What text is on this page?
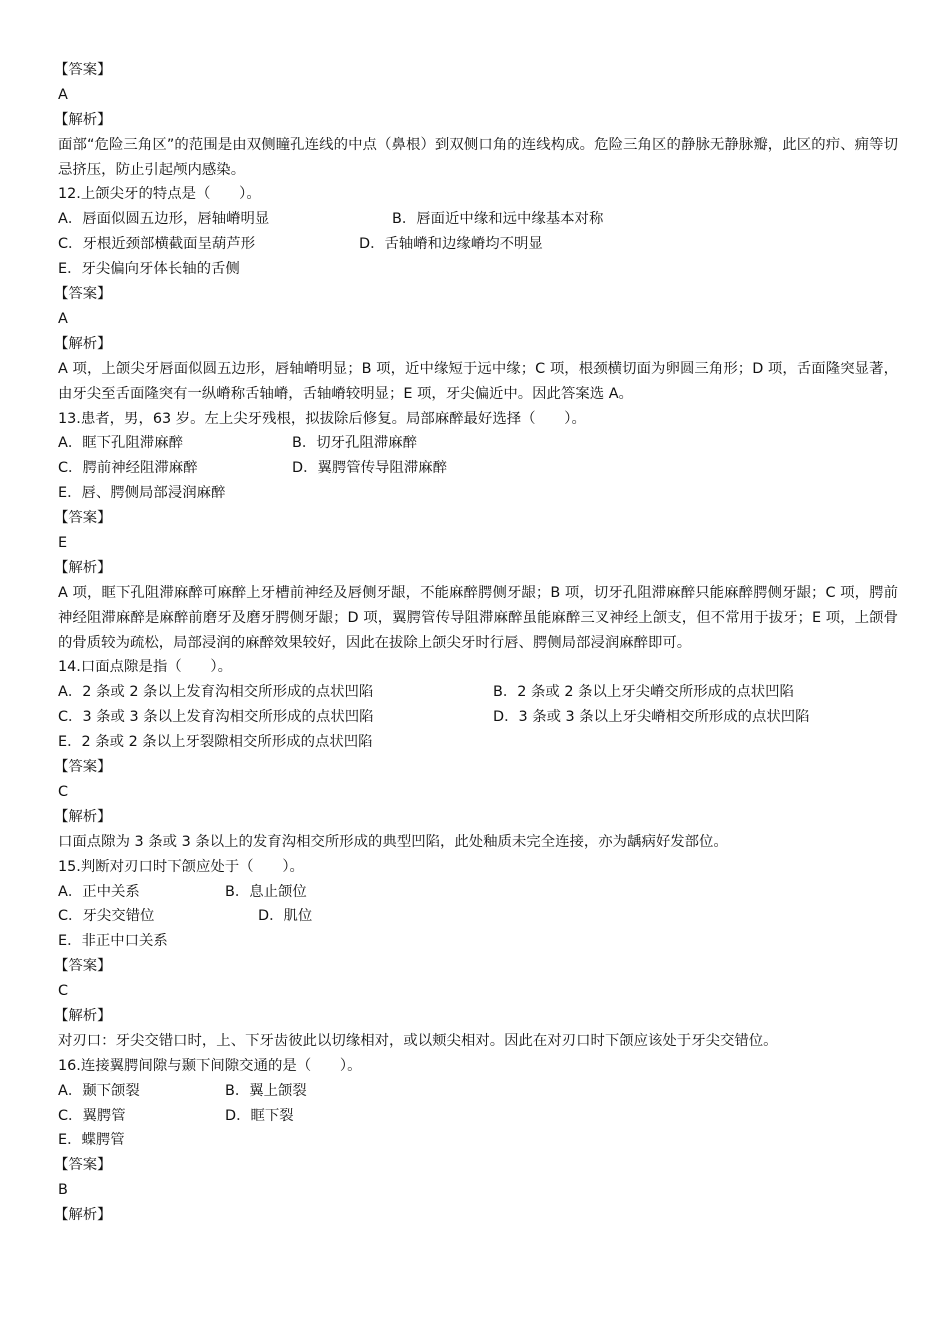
【答案】
A
【解析】
面部“危险三角区”的范围是由双侧瞳孔连线的中点（鼻根）到双侧口角的连线构成。危险三角区的静脉无静脉瓣，此区的疖、痈等切忌挤压，防止引起颅内感染。
12.上颌尖牙的特点是（　　）。
A．唇面似圆五边形，唇轴嵴明显	B．唇面近中缘和远中缘基本对称
C．牙根近颈部横截面呈葫芦形	D．舌轴嵴和边缘嵴均不明显
E．牙尖偏向牙体长轴的舌侧
【答案】
A
【解析】
A 项，上颌尖牙唇面似圆五边形，唇轴嵴明显；B 项，近中缘短于远中缘；C 项，根颈横切面为卵圆三角形；D 项，舌面隆突显著，由牙尖至舌面隆突有一纵嵴称舌轴嵴，舌轴嵴较明显；E 项，牙尖偏近中。因此答案选 A。
13.患者，男，63 岁。左上尖牙残根，拟拔除后修复。局部麻醉最好选择（　　）。
A．眶下孔阻滞麻醉	B．切牙孔阻滞麻醉
C．腭前神经阻滞麻醉	D．翼腭管传导阻滞麻醉
E．唇、腭侧局部浸润麻醉
【答案】
E
【解析】
A 项，眶下孔阻滞麻醉可麻醉上牙槽前神经及唇侧牙龈，不能麻醉腭侧牙龈；B 项，切牙孔阻滞麻醉只能麻醉腭侧牙龈；C 项，腭前神经阻滞麻醉是麻醉前磨牙及磨牙腭侧牙龈；D 项，翼腭管传导阻滞麻醉虽能麻醉三叉神经上颌支，但不常用于拔牙；E 项，上颌骨的骨质较为疏松，局部浸润的麻醉效果较好，因此在拔除上颌尖牙时行唇、腭侧局部浸润麻醉即可。
14.口面点隙是指（　　）。
A．2 条或 2 条以上发育沟相交所形成的点状凹陷	B．2 条或 2 条以上牙尖嵴交所形成的点状凹陷
C．3 条或 3 条以上发育沟相交所形成的点状凹陷	D．3 条或 3 条以上牙尖嵴相交所形成的点状凹陷
E．2 条或 2 条以上牙裂隙相交所形成的点状凹陷
【答案】
C
【解析】
口面点隙为 3 条或 3 条以上的发育沟相交所形成的典型凹陷，此处釉质未完全连接，亦为龋病好发部位。
15.判断对刃口时下颌应处于（　　）。
A．正中关系	B．息止颌位
C．牙尖交错位	D．肌位
E．非正中口关系
【答案】
C
【解析】
对刃口：牙尖交错口时，上、下牙齿彼此以切缘相对，或以颊尖相对。因此在对刃口时下颌应该处于牙尖交错位。
16.连接翼腭间隙与颞下间隙交通的是（　　）。
A．颞下颌裂	B．翼上颌裂
C．翼腭管	D．眶下裂
E．蝶腭管
【答案】
B
【解析】
